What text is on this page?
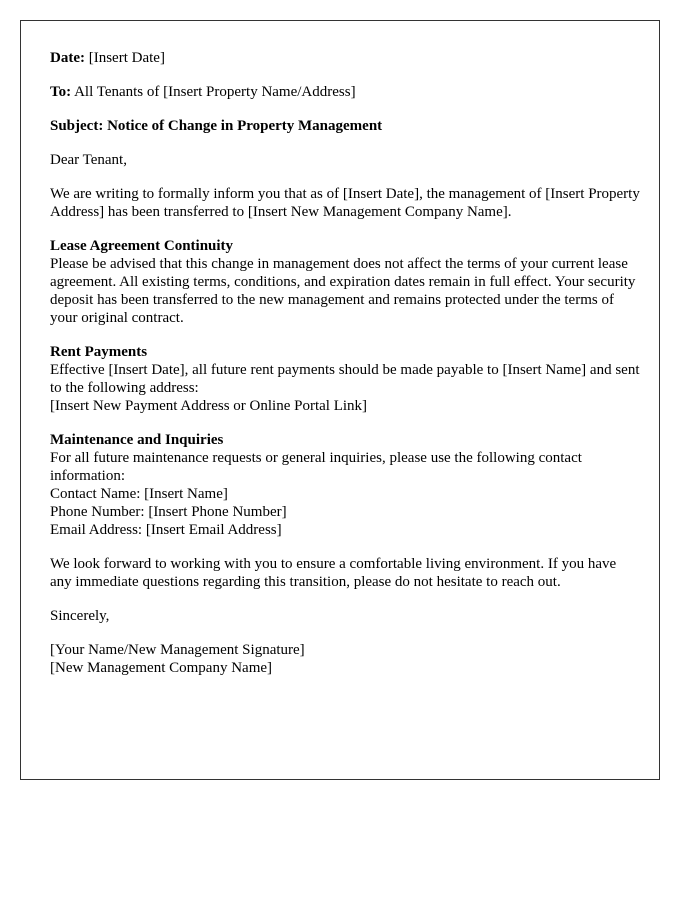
Date: [Insert Date]

To: All Tenants of [Insert Property Name/Address]

Subject: Notice of Change in Property Management

Dear Tenant,

We are writing to formally inform you that as of [Insert Date], the management of [Insert Property Address] has been transferred to [Insert New Management Company Name].

Lease Agreement Continuity
Please be advised that this change in management does not affect the terms of your current lease agreement. All existing terms, conditions, and expiration dates remain in full effect. Your security deposit has been transferred to the new management and remains protected under the terms of your original contract.
Rent Payments
Effective [Insert Date], all future rent payments should be made payable to [Insert Name] and sent to the following address:
[Insert New Payment Address or Online Portal Link]
Maintenance and Inquiries
For all future maintenance requests or general inquiries, please use the following contact information:
Contact Name: [Insert Name]
Phone Number: [Insert Phone Number]
Email Address: [Insert Email Address]

We look forward to working with you to ensure a comfortable living environment. If you have any immediate questions regarding this transition, please do not hesitate to reach out.

Sincerely,

[Your Name/New Management Signature]
[New Management Company Name]
